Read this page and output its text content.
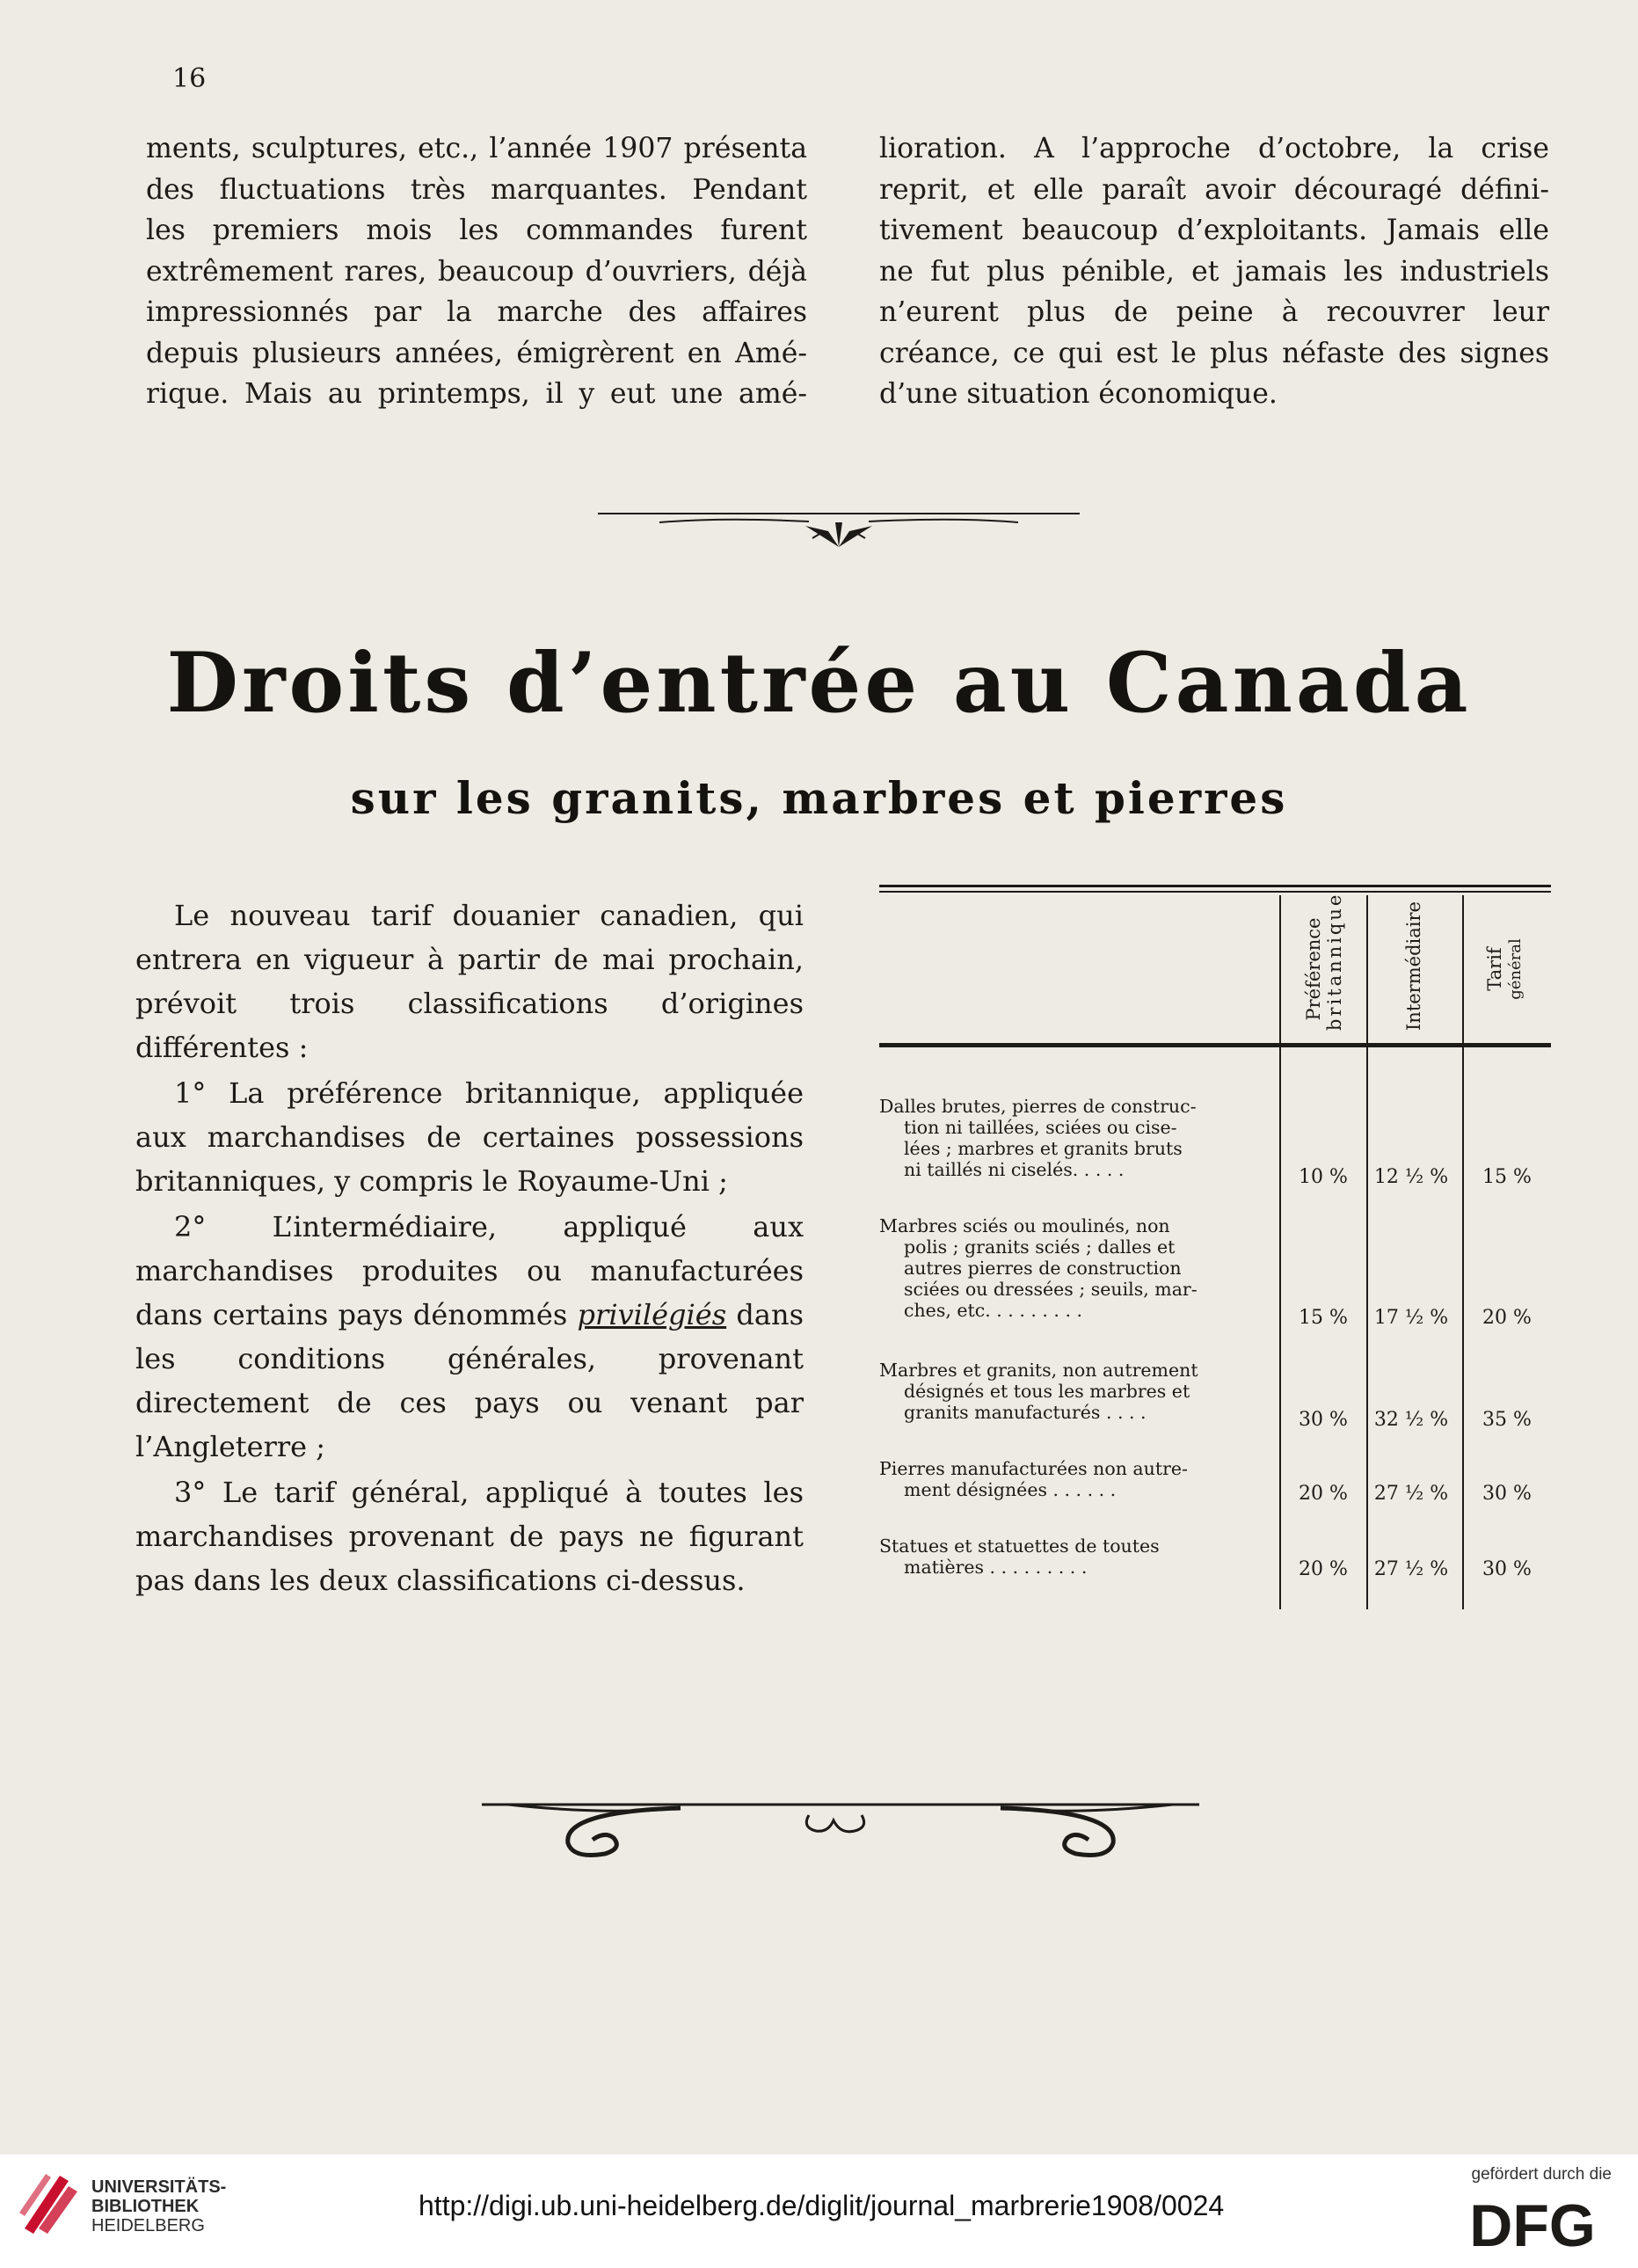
16

ments, sculptures, etc., l’année 1907 présenta

des fluctuations très marquantes. Pendant

les premiers mois les commandes furent

extrêmement rares, beaucoup d’ouvriers, déjà

impressionnés par la marche des affaires

depuis plusieurs années, émigrèrent en Amé-

rique. Mais au printemps, il y eut une amé-

lioration. A l’approche d’octobre, la crise

reprit, et elle paraît avoir découragé défini-

tivement beaucoup d’exploitants. Jamais elle

ne fut plus pénible, et jamais les industriels

n’eurent plus de peine à recouvrer leur

créance, ce qui est le plus néfaste des signes

d’une situation économique.

Droits d’entrée au Canada
sur les granits, marbres et pierres

Le nouveau tarif douanier canadien, qui entrera en vigueur à partir de mai prochain, prévoit trois classifications d’origines différentes :

1° La préférence britannique, appliquée aux marchandises de certaines possessions britanniques, y compris le Royaume-Uni ;

2° L’intermédiaire, appliqué aux marchandises produites ou manufacturées dans certains pays dénommés privilégiés dans les conditions générales, provenant directement de ces pays ou venant par l’Angleterre ;

3° Le tarif général, appliqué à toutes les marchandises provenant de pays ne figurant pas dans les deux classifications ci-dessus.

Préférence britannique	Intermédiaire	Tarif général
Dalles brutes, pierres de construc-
tion ni taillées, sciées ou cise-
lées ; marbres et granits bruts
ni taillés ni ciselés. . . . .	10 %	12 ½ %	15 %
Marbres sciés ou moulinés, non
polis ; granits sciés ; dalles et
autres pierres de construction
sciées ou dressées ; seuils, mar-
ches, etc. . . . . . . . .	15 %	17 ½ %	20 %
Marbres et granits, non autrement
désignés et tous les marbres et
granits manufacturés . . . .	30 %	32 ½ %	35 %
Pierres manufacturées non autre-
ment désignées . . . . . .	20 %	27 ½ %	30 %
Statues et statuettes de toutes
matières . . . . . . . . .	20 %	27 ½ %	30 %
UNIVERSITÄTS-
BIBLIOTHEK
HEIDELBERG
http://digi.ub.uni-heidelberg.de/diglit/journal_marbrerie1908/0024
gefördert durch die
DFG
